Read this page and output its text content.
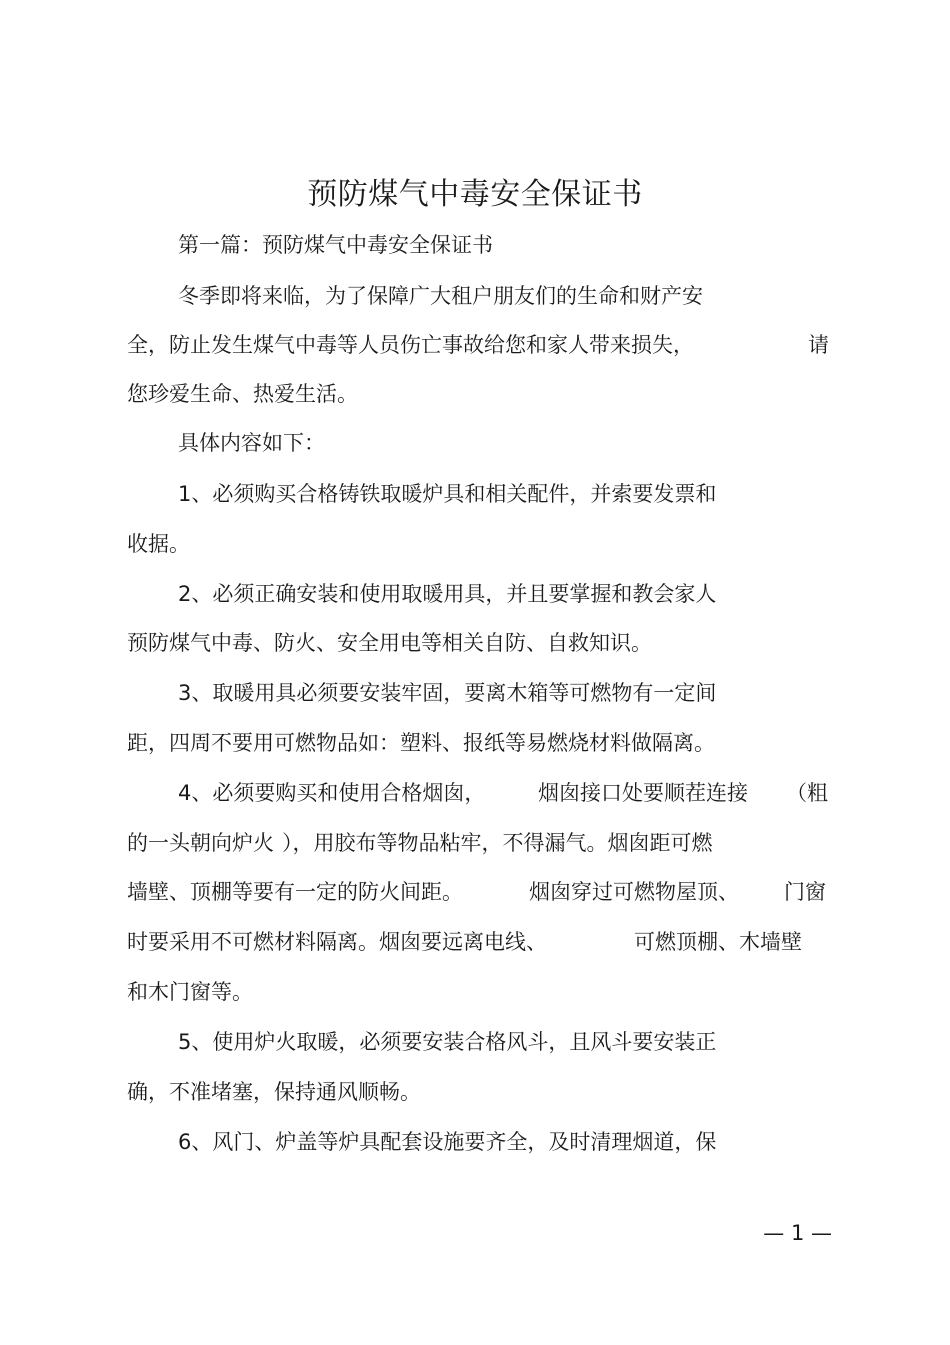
预防煤气中毒安全保证书

第一篇：预防煤气中毒安全保证书

冬季即将来临，为了保障广大租户朋友们的生命和财产安

全，防止发生煤气中毒等人员伤亡事故给您和家人带来损失，	请

您珍爱生命、热爱生活。

具体内容如下：

1、必须购买合格铸铁取暖炉具和相关配件，并索要发票和

收据。

2、必须正确安装和使用取暖用具，并且要掌握和教会家人

预防煤气中毒、防火、安全用电等相关自防、自救知识。

3、取暖用具必须要安装牢固，要离木箱等可燃物有一定间

距，四周不要用可燃物品如：塑料、报纸等易燃烧材料做隔离。

4、必须要购买和使用合格烟囱，	烟囱接口处要顺茬连接 （粗

的一头朝向炉火 ），用胶布等物品粘牢，不得漏气。烟囱距可燃

墙壁、顶棚等要有一定的防火间距。	烟囱穿过可燃物屋顶、 门窗

时要采用不可燃材料隔离。烟囱要远离电线、	可燃顶棚、木墙壁

和木门窗等。

5、使用炉火取暖，必须要安装合格风斗，且风斗要安装正

确，不准堵塞，保持通风顺畅。

6、风门、炉盖等炉具配套设施要齐全，及时清理烟道，保

— 1 —
